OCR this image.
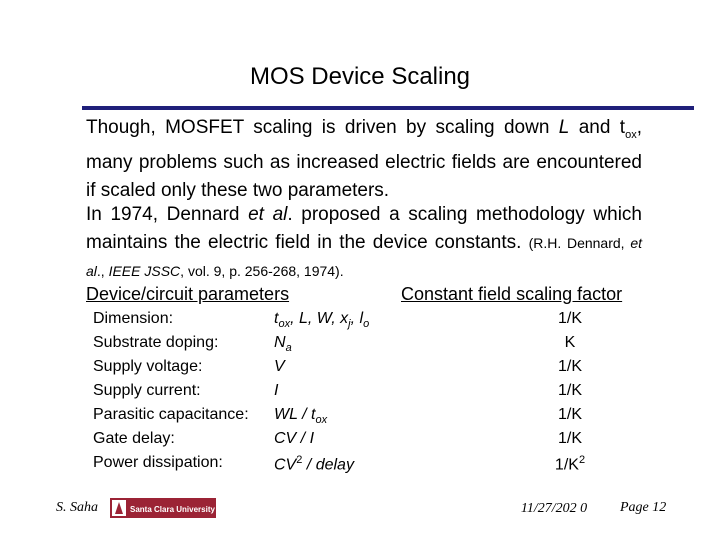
MOS Device Scaling
Though, MOSFET scaling is driven by scaling down L and $t_{ox}$, many problems such as increased electric fields are encountered if scaled only these two parameters.
In 1974, Dennard et al. proposed a scaling methodology which maintains the electric field in the device constants. (R.H. Dennard, et al., IEEE JSSC, vol. 9, p. 256-268, 1974).
Device/circuit parameters	Constant field scaling factor
Dimension:	$t_{ox}$, L, W, $x_j$, $l_o$	1/K
Substrate doping:	$N_a$	K
Supply voltage:	V	1/K
Supply current:	I	1/K
Parasitic capacitance: WL / $t_{ox}$	1/K
Gate delay:	CV / I	1/K
Power dissipation:	$CV^2$ / delay	$1/K^2$
S. Saha	Santa Clara University	11/27/202 0 Page 12
